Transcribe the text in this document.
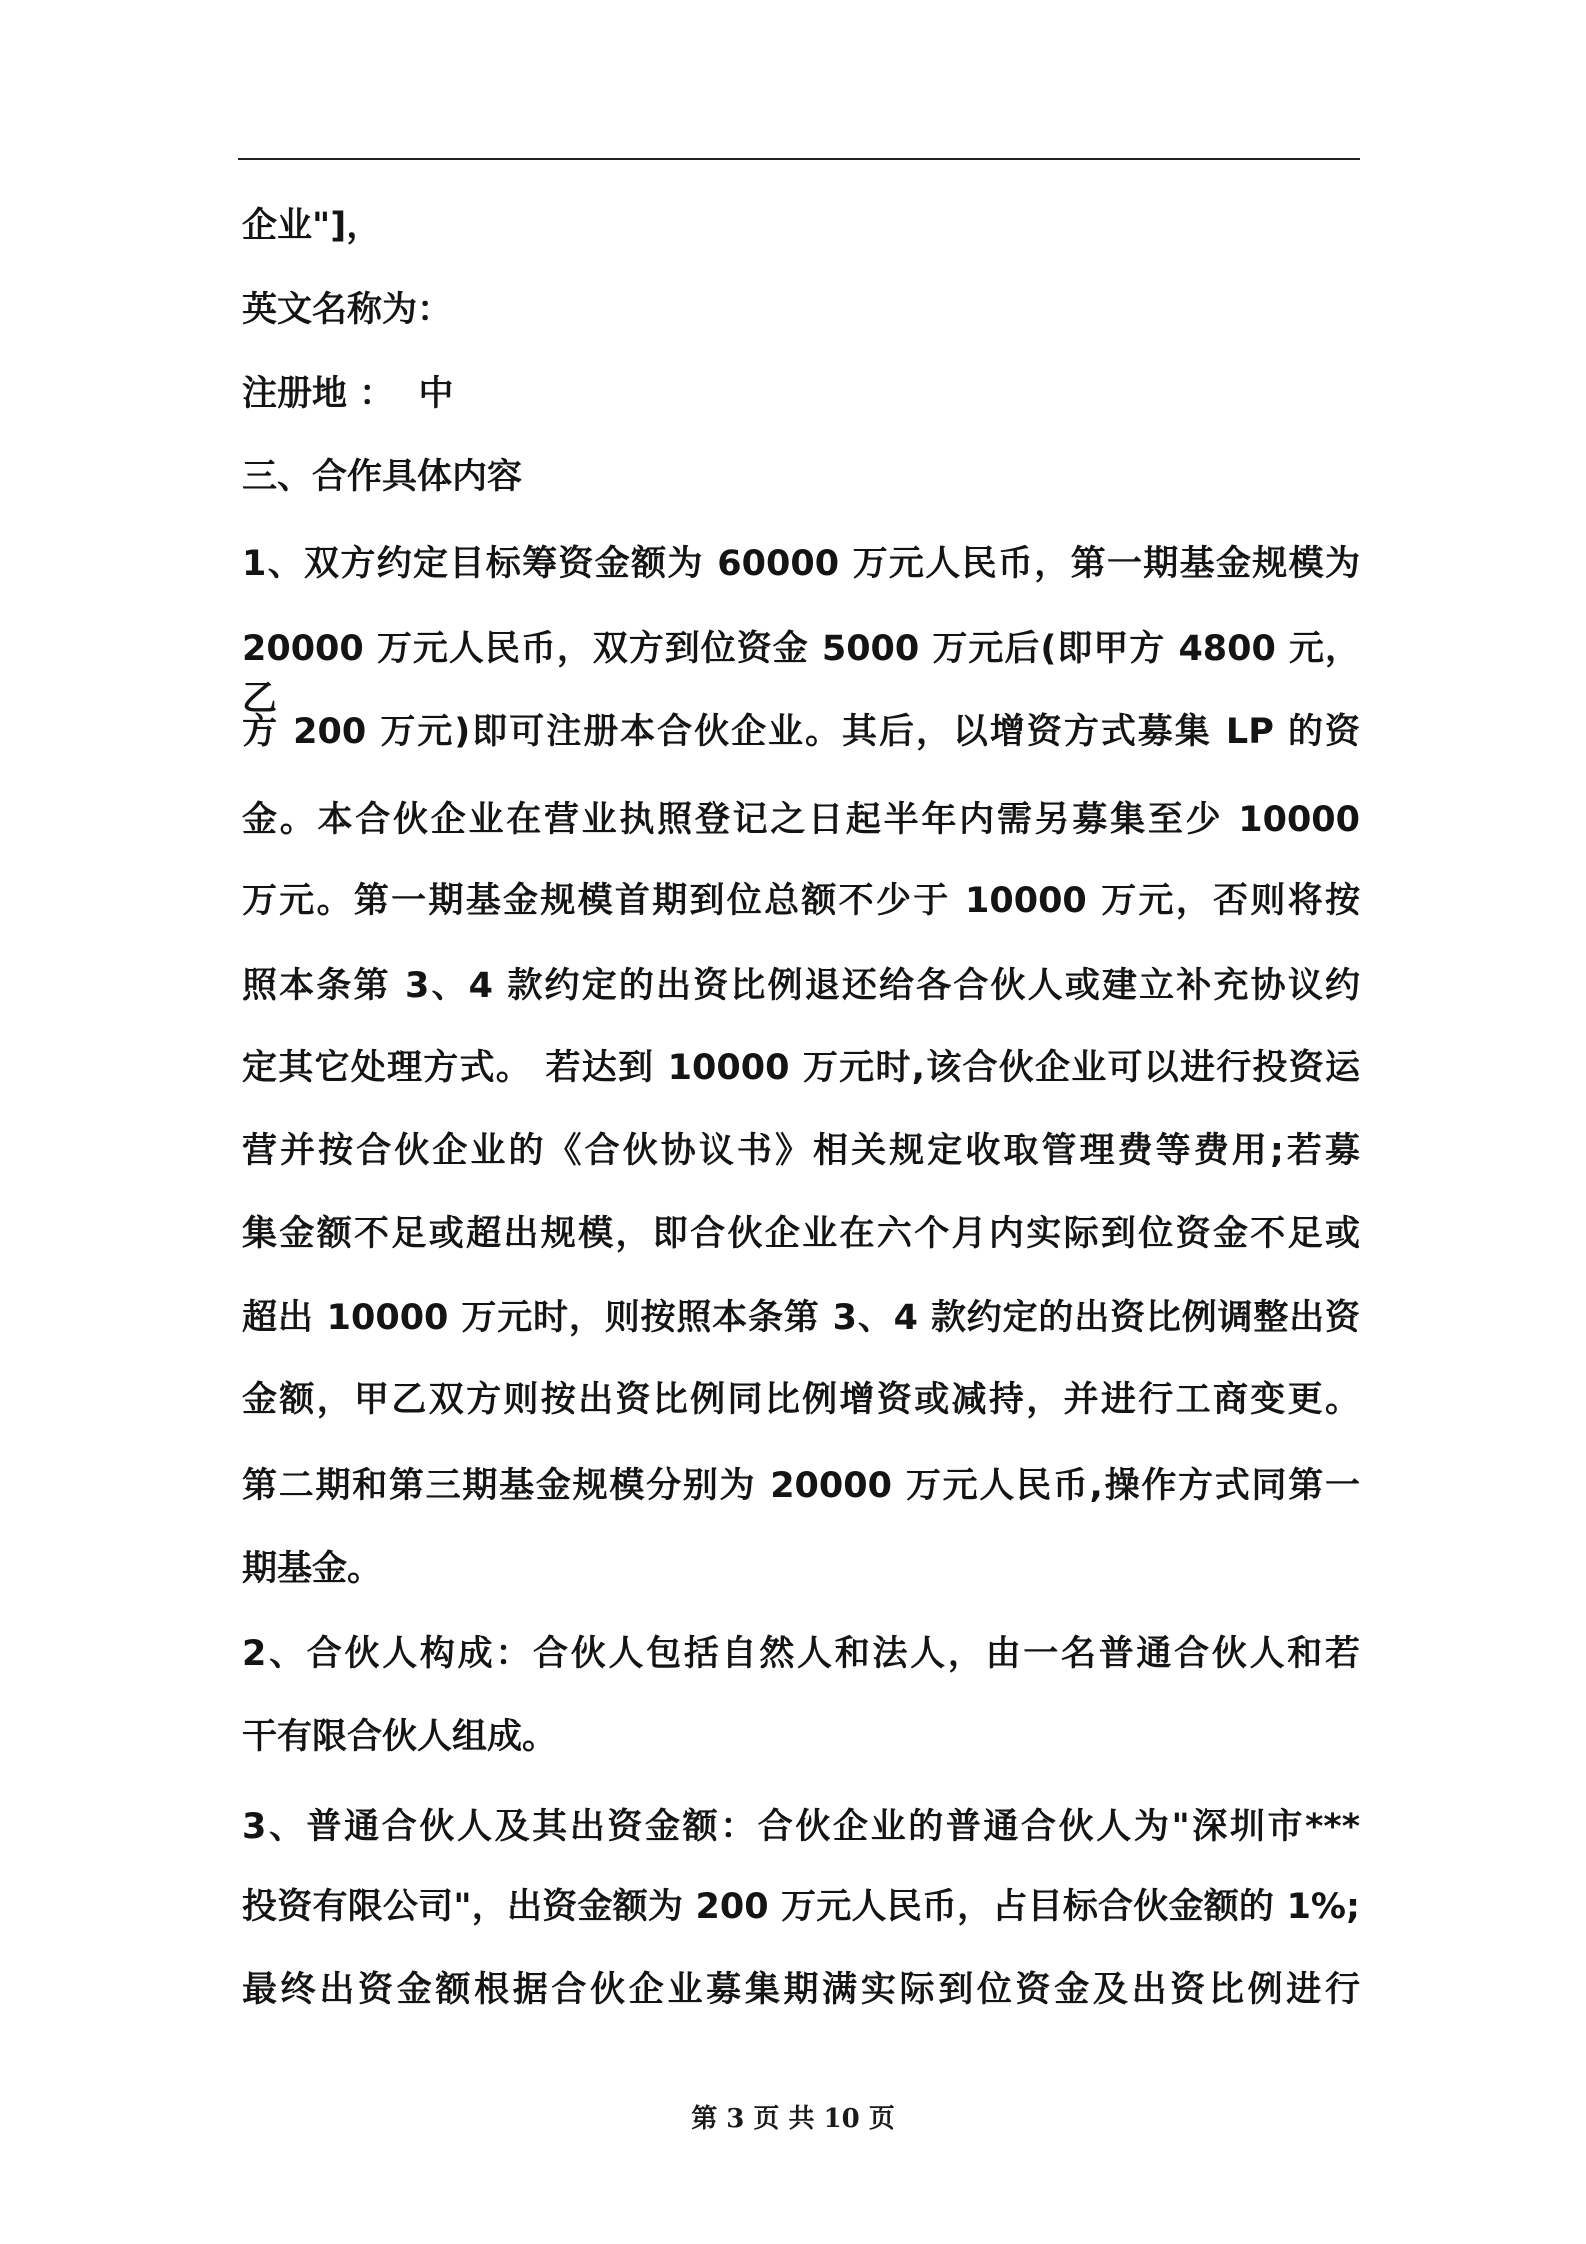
企业"]，
英文名称为：
注册地 ：  中
三、合作具体内容
1、双方约定目标筹资金额为 60000 万元人民币，第一期基金规模为
20000 万元人民币，双方到位资金 5000 万元后(即甲方 4800 元，乙
方 200 万元)即可注册本合伙企业。其后，以增资方式募集 LP 的资
金。本合伙企业在营业执照登记之日起半年内需另募集至少 10000
万元。第一期基金规模首期到位总额不少于 10000 万元，否则将按
照本条第 3、4 款约定的出资比例退还给各合伙人或建立补充协议约
定其它处理方式。 若达到 10000 万元时,该合伙企业可以进行投资运
营并按合伙企业的《合伙协议书》相关规定收取管理费等费用;若募
集金额不足或超出规模，即合伙企业在六个月内实际到位资金不足或
超出 10000 万元时，则按照本条第 3、4 款约定的出资比例调整出资
金额，甲乙双方则按出资比例同比例增资或减持，并进行工商变更。
第二期和第三期基金规模分别为 20000 万元人民币,操作方式同第一
期基金。
2、合伙人构成：合伙人包括自然人和法人，由一名普通合伙人和若
干有限合伙人组成。
3、普通合伙人及其出资金额：合伙企业的普通合伙人为"深圳市***
投资有限公司"，出资金额为 200 万元人民币，占目标合伙金额的 1%;
最终出资金额根据合伙企业募集期满实际到位资金及出资比例进行
第 3 页 共 10 页
